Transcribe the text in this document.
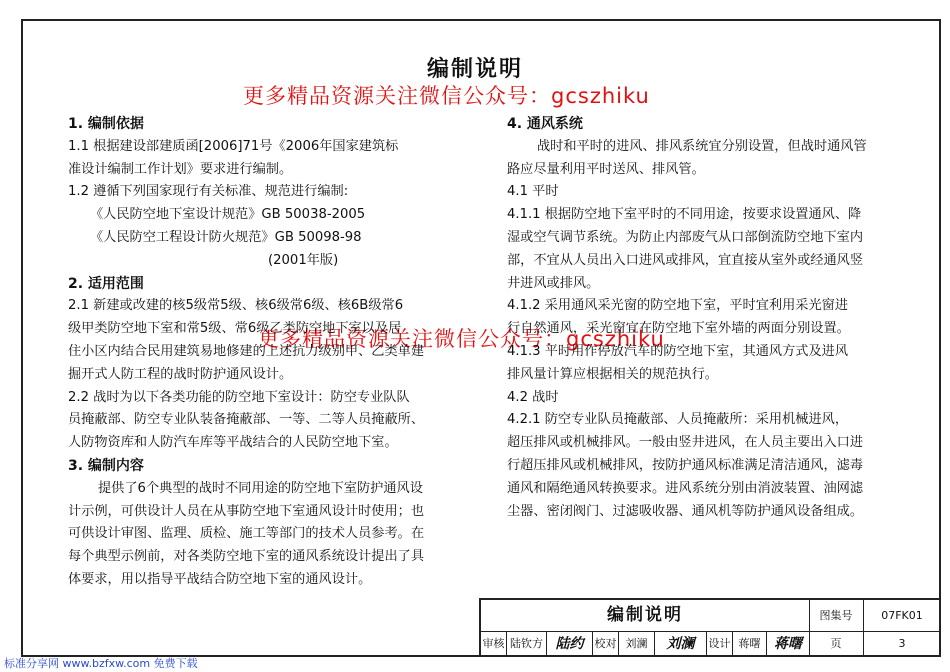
编制说明
更多精品资源关注微信公众号：gcszhiku
更多精品资源关注微信公众号：gcszhiku
1. 编制依据
1.1 根据建设部建质函[2006]71号《2006年国家建筑标
准设计编制工作计划》要求进行编制。
1.2 遵循下列国家现行有关标准、规范进行编制:
《人民防空地下室设计规范》GB 50038-2005
《人民防空工程设计防火规范》GB 50098-98
(2001年版)
2. 适用范围
2.1 新建或改建的核5级常5级、核6级常6级、核6B级常6
级甲类防空地下室和常5级、常6级乙类防空地下室以及居
住小区内结合民用建筑易地修建的上述抗力级别甲、乙类单建
掘开式人防工程的战时防护通风设计。
2.2 战时为以下各类功能的防空地下室设计：防空专业队队
员掩蔽部、防空专业队装备掩蔽部、一等、二等人员掩蔽所、
人防物资库和人防汽车库等平战结合的人民防空地下室。
3. 编制内容
提供了6个典型的战时不同用途的防空地下室防护通风设
计示例，可供设计人员在从事防空地下室通风设计时使用；也
可供设计审图、监理、质检、施工等部门的技术人员参考。在
每个典型示例前，对各类防空地下室的通风系统设计提出了具
体要求，用以指导平战结合防空地下室的通风设计。
4. 通风系统
战时和平时的进风、排风系统宜分别设置，但战时通风管
路应尽量利用平时送风、排风管。
4.1 平时
4.1.1 根据防空地下室平时的不同用途，按要求设置通风、降
湿或空气调节系统。为防止内部废气从口部倒流防空地下室内
部，不宜从人员出入口进风或排风，宜直接从室外或经通风竖
井进风或排风。
4.1.2 采用通风采光窗的防空地下室，平时宜利用采光窗进
行自然通风，采光窗宜在防空地下室外墙的两面分别设置。
4.1.3 平时用作停放汽车的防空地下室，其通风方式及进风
排风量计算应根据相关的规范执行。
4.2 战时
4.2.1 防空专业队员掩蔽部、人员掩蔽所：采用机械进风，
超压排风或机械排风。一般由竖井进风，在人员主要出入口进
行超压排风或机械排风，按防护通风标准满足清洁通风，滤毒
通风和隔绝通风转换要求。进风系统分别由消波装置、油网滤
尘器、密闭阀门、过滤吸收器、通风机等防护通风设备组成。
编制说明	图集号	07FK01
审核 陆钦方 陆约	校对 刘澜	刘澜	设计 蒋曙 蒋曙	页	3
标准分享网 www.bzfxw.com 免费下载
